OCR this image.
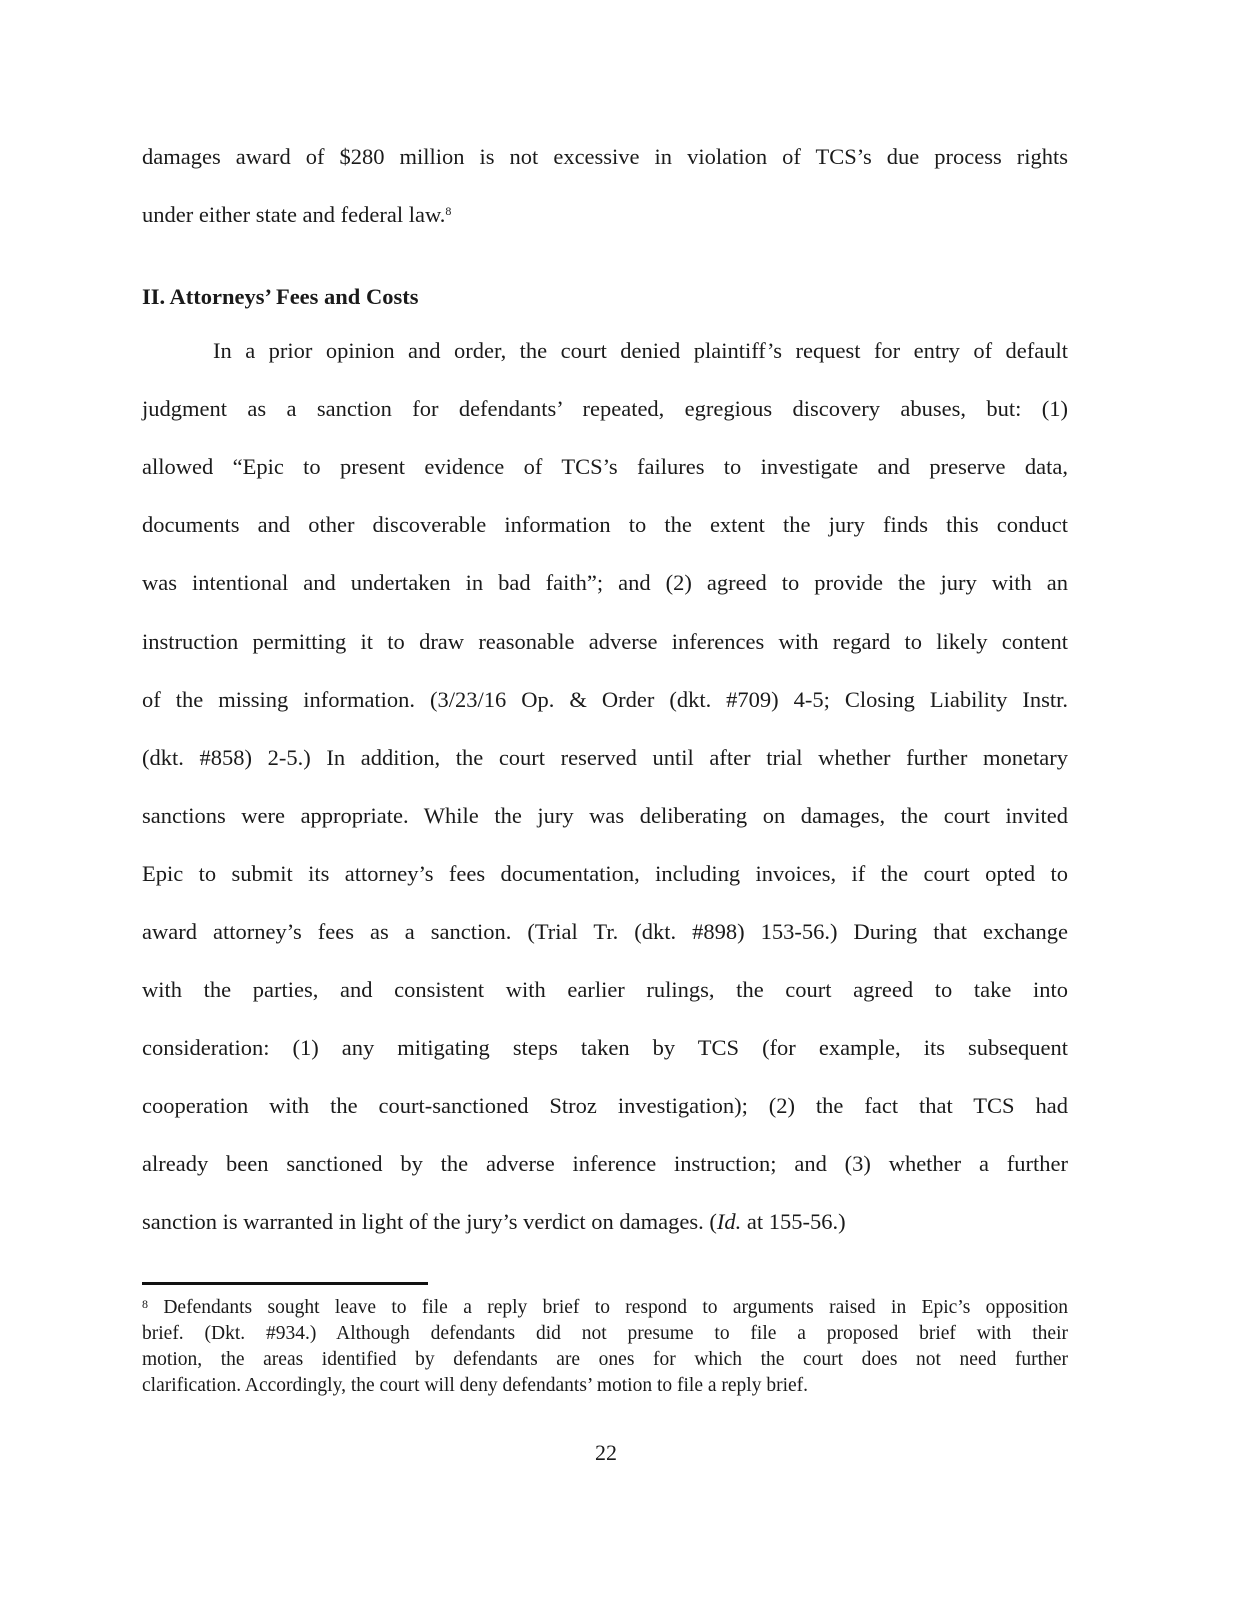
damages award of $280 million is not excessive in violation of TCS’s due process rights
under either state and federal law.$^8$
II. Attorneys’ Fees and Costs
In a prior opinion and order, the court denied plaintiff’s request for entry of default
judgment as a sanction for defendants’ repeated, egregious discovery abuses, but: (1)
allowed “Epic to present evidence of TCS’s failures to investigate and preserve data,
documents and other discoverable information to the extent the jury finds this conduct
was intentional and undertaken in bad faith”; and (2) agreed to provide the jury with an
instruction permitting it to draw reasonable adverse inferences with regard to likely content
of the missing information. (3/23/16 Op. & Order (dkt. #709) 4-5; Closing Liability Instr.
(dkt. #858) 2-5.) In addition, the court reserved until after trial whether further monetary
sanctions were appropriate. While the jury was deliberating on damages, the court invited
Epic to submit its attorney’s fees documentation, including invoices, if the court opted to
award attorney’s fees as a sanction. (Trial Tr. (dkt. #898) 153-56.) During that exchange
with the parties, and consistent with earlier rulings, the court agreed to take into
consideration: (1) any mitigating steps taken by TCS (for example, its subsequent
cooperation with the court-sanctioned Stroz investigation); (2) the fact that TCS had
already been sanctioned by the adverse inference instruction; and (3) whether a further
sanction is warranted in light of the jury’s verdict on damages. (Id. at 155-56.)
$^8$ Defendants sought leave to file a reply brief to respond to arguments raised in Epic’s opposition
brief. (Dkt. #934.) Although defendants did not presume to file a proposed brief with their
motion, the areas identified by defendants are ones for which the court does not need further
clarification. Accordingly, the court will deny defendants’ motion to file a reply brief.
22
